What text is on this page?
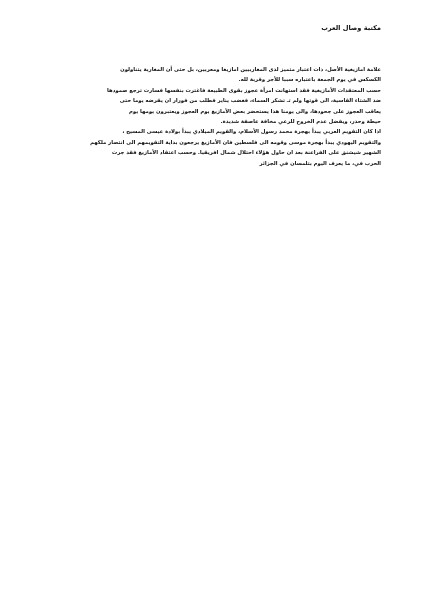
مكتبة وصال العرب

علامة امازيغية الأصل، ذات اعتبار متميز لدى المغاربيين امازيغا ومعربين، بل حتى أن المغاربة يتناولون
الكسكس في يوم الجمعة باعتباره سببا للأجر وقربة لله.

حسب المعتقدات الأمازيغية فقد استهانت امرأة عجوز بقوى الطبيعة فاغترت بنفسها فسارت ترجع صمودها
ضد الشتاء القاسية، الى قوتها ولم تـ تشكر السماء، فغضب يناير فطلب من فورار ان يقرضه يوما حتى
يعاقب العجوز على جحودها، والى يومنا هذا يستحضر بعض الأمازيغ يوم العجوز ويعتبرون يومها يوم
حيطة وحذر، ويفضل عدم الخروج للرعي مخافة عاصفة شديدة.

اذا كان التقويم العربي يبدأ بهجرة محمد رسول الأسلام، والقويم الميلادي يبدأ بولادة عيسى المسيح ،
والتقويم اليهودي يبدأ بهجرة موسى وقومه الى فلسطين فان الأمازيغ يرجعون بداية التقويمهم الى انتصار ملكهم
الشهير شيشنق على الفراعنة بعد ان حاول هؤلاء احتلال شمال افريقيا. وحسب اعتقاد الأمازيغ فقد جرت
الحرب في، ما يعرف اليوم بتلمسان في الجزائر
